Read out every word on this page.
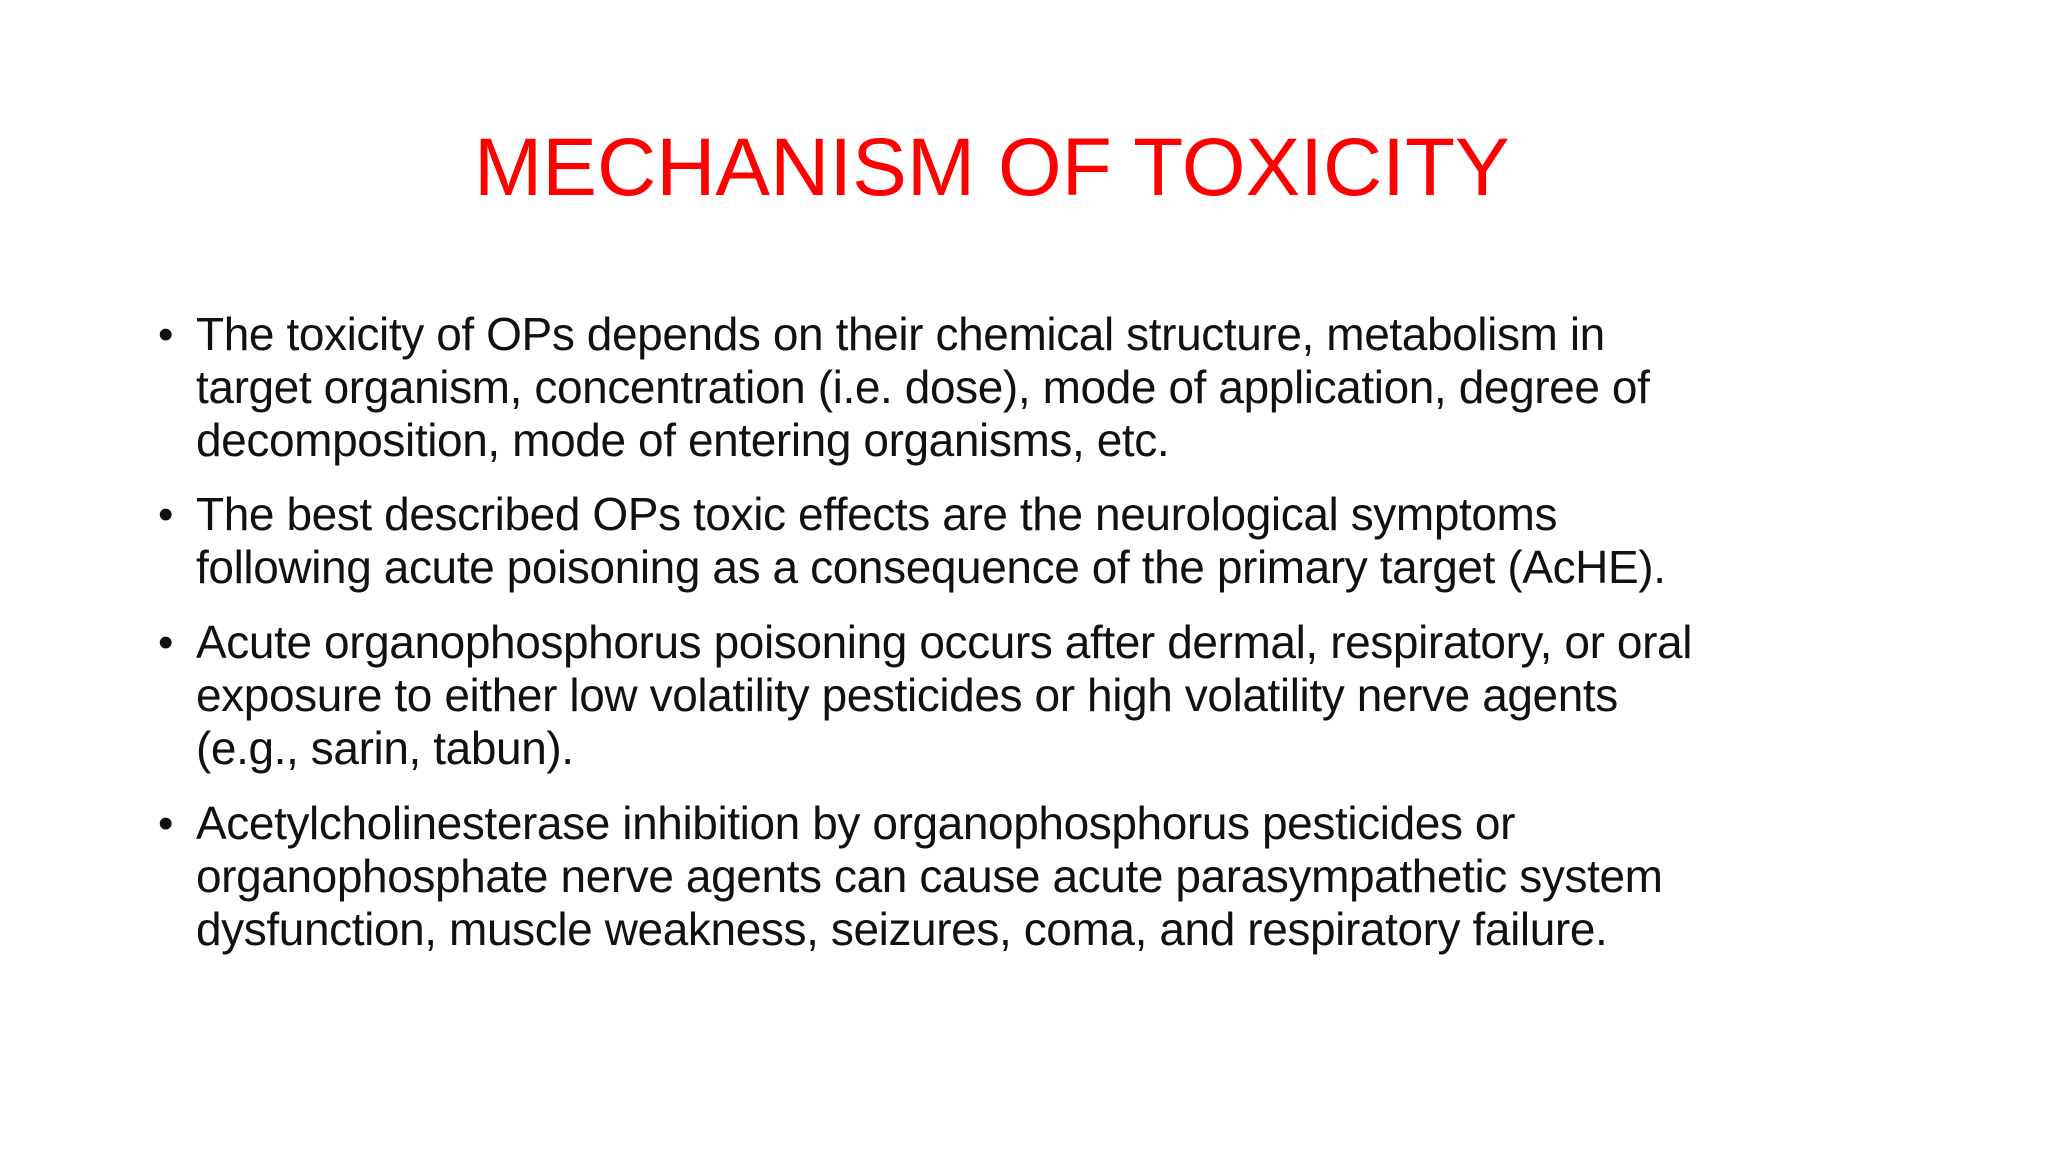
MECHANISM OF TOXICITY
• The toxicity of OPs depends on their chemical structure, metabolism in
target organism, concentration (i.e. dose), mode of application, degree of
decomposition, mode of entering organisms, etc.
• The best described OPs toxic effects are the neurological symptoms
following acute poisoning as a consequence of the primary target (AcHE).
• Acute organophosphorus poisoning occurs after dermal, respiratory, or oral
exposure to either low volatility pesticides or high volatility nerve agents
(e.g., sarin, tabun).
• Acetylcholinesterase inhibition by organophosphorus pesticides or
organophosphate nerve agents can cause acute parasympathetic system
dysfunction, muscle weakness, seizures, coma, and respiratory failure.
